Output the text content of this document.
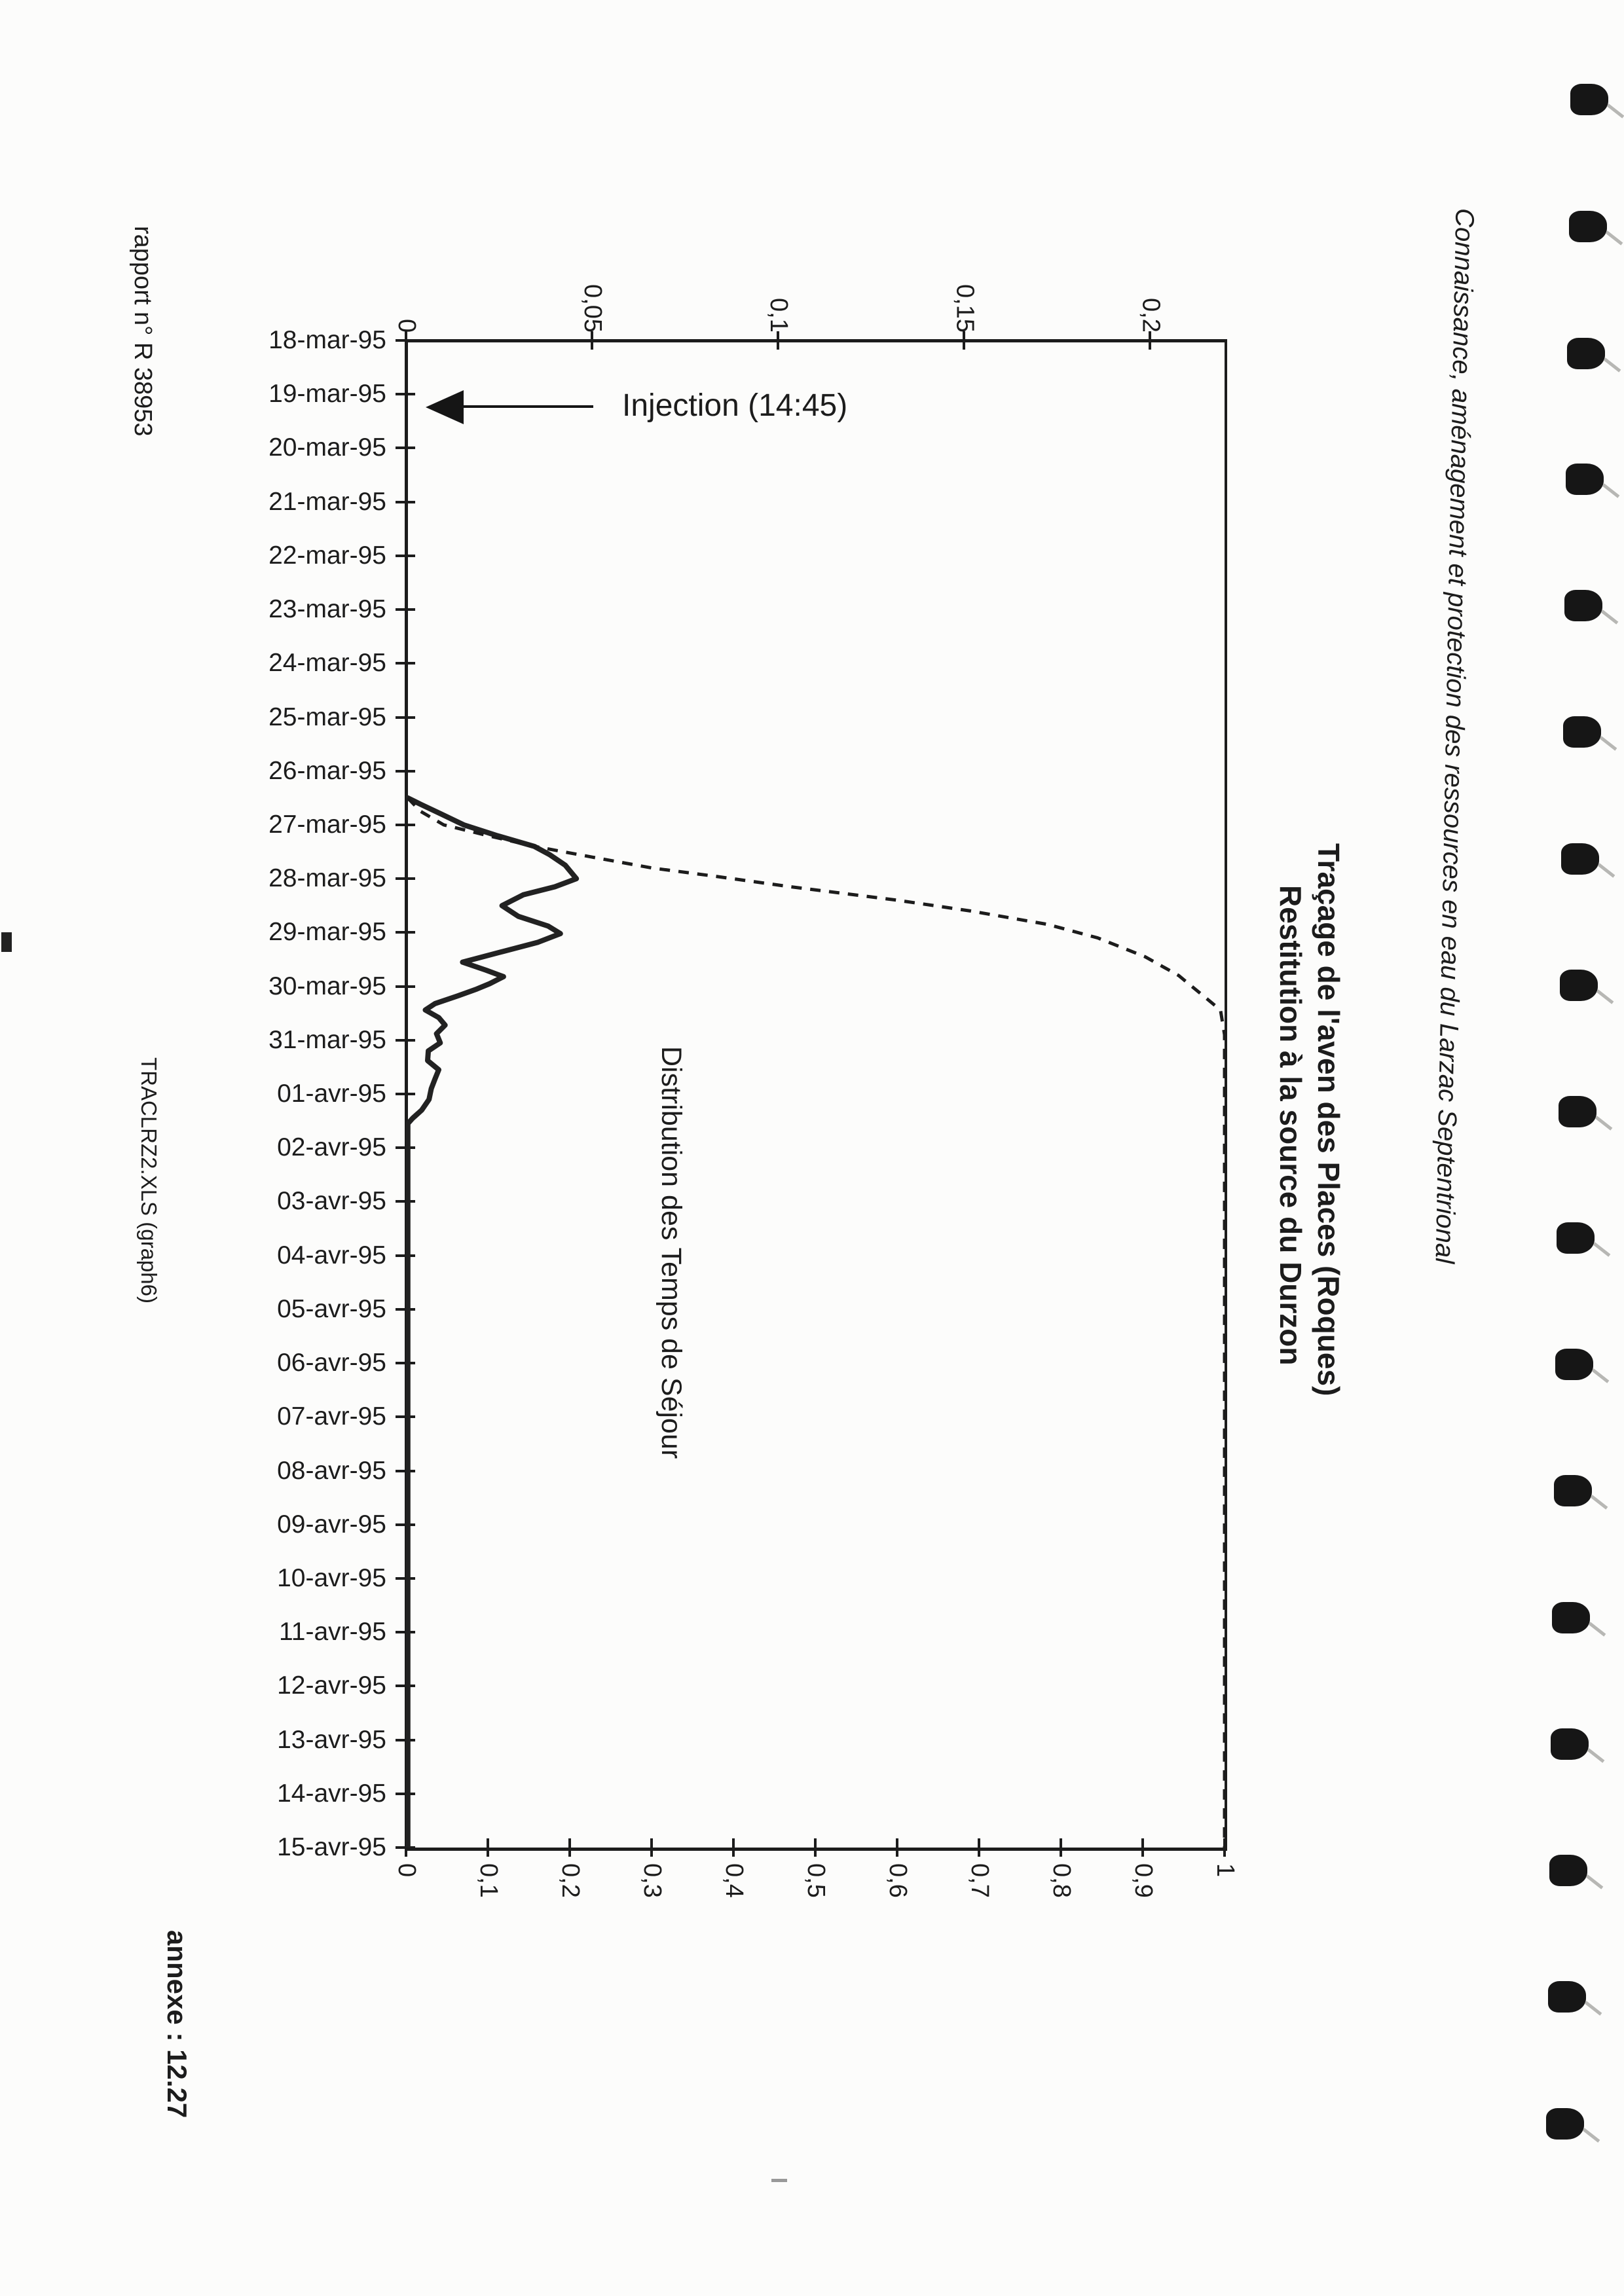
rapport n° R 38953
TRACLRZ2.XLS (graph6)
annexe : 12.27
Connaissance, aménagement et protection des ressources en eau du Larzac Septentrional
Traçage de l'aven des Places (Roques)
Restitution à la source du Durzon
Distribution des Temps de Séjour
18-mar-95
19-mar-95
20-mar-95
21-mar-95
22-mar-95
23-mar-95
24-mar-95
25-mar-95
26-mar-95
27-mar-95
28-mar-95
29-mar-95
30-mar-95
31-mar-95
01-avr-95
02-avr-95
03-avr-95
04-avr-95
05-avr-95
06-avr-95
07-avr-95
08-avr-95
09-avr-95
10-avr-95
11-avr-95
12-avr-95
13-avr-95
14-avr-95
15-avr-95
0	0,05	0,1	0,15	0,2
0 0,1 0,2 0,3 0,4 0,5 0,6 0,7 0,8 0,9 1
Injection (14:45)
